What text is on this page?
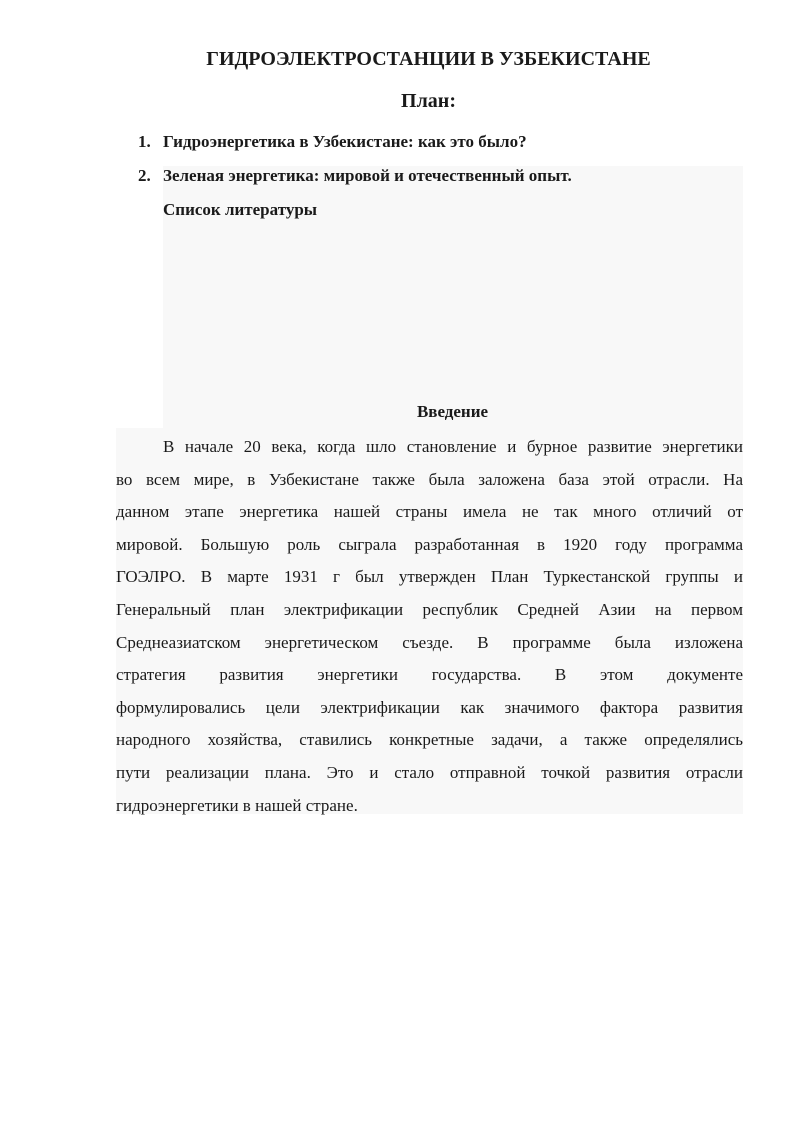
ГИДРОЭЛЕКТРОСТАНЦИИ В УЗБЕКИСТАНЕ
План:
1. Гидроэнергетика в Узбекистане: как это было?
2. Зеленая энергетика: мировой и отечественный опыт.
Список литературы
Введение
В начале 20 века, когда шло становление и бурное развитие энергетики
во всем мире, в Узбекистане также была заложена база этой отрасли. На
данном этапе энергетика нашей страны имела не так много отличий от
мировой. Большую роль сыграла разработанная в 1920 году программа
ГОЭЛРО. В марте 1931 г был утвержден План Туркестанской группы и
Генеральный план электрификации республик Средней Азии на первом
Среднеазиатском энергетическом съезде. В программе была изложена
стратегия развития энергетики государства. В этом документе
формулировались цели электрификации как значимого фактора развития
народного хозяйства, ставились конкретные задачи, а также определялись
пути реализации плана. Это и стало отправной точкой развития отрасли
гидроэнергетики в нашей стране.
